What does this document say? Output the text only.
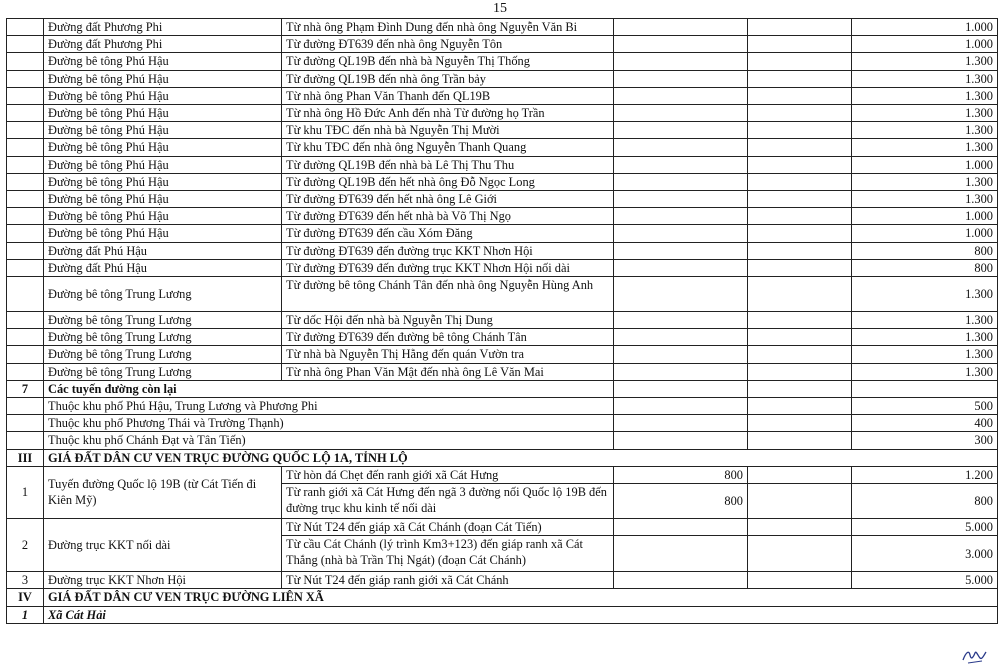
15
	Đường đất Phương Phi	Từ nhà ông Phạm Đình Dung đến nhà ông Nguyễn Văn Bi			1.000
	Đường đất Phương Phi	Từ đường ĐT639 đến nhà ông Nguyễn Tôn			1.000
	Đường bê tông Phú Hậu	Từ đường QL19B đến nhà bà Nguyễn Thị Thống			1.300
	Đường bê tông Phú Hậu	Từ đường QL19B đến nhà ông Trần bảy			1.300
	Đường bê tông Phú Hậu	Từ nhà ông Phan Văn Thanh đến QL19B			1.300
	Đường bê tông Phú Hậu	Từ nhà ông Hồ Đức Anh đến nhà Từ đường họ Trần			1.300
	Đường bê tông Phú Hậu	Từ khu TĐC đến nhà bà Nguyễn Thị Mười			1.300
	Đường bê tông Phú Hậu	Từ khu TĐC đến nhà ông Nguyễn Thanh Quang			1.300
	Đường bê tông Phú Hậu	Từ đường QL19B đến nhà bà Lê Thị Thu Thu			1.000
	Đường bê tông Phú Hậu	Từ đường QL19B đến hết nhà ông Đỗ Ngọc Long			1.300
	Đường bê tông Phú Hậu	Từ đường ĐT639 đến hết nhà ông Lê Giới			1.300
	Đường bê tông Phú Hậu	Từ đường ĐT639 đến hết nhà bà Võ Thị Ngọ			1.000
	Đường bê tông Phú Hậu	Từ đường ĐT639 đến cầu Xóm Đăng			1.000
	Đường đất Phú Hậu	Từ đường ĐT639 đến đường trục KKT Nhơn Hội			800
	Đường đất Phú Hậu	Từ đường ĐT639 đến đường trục KKT Nhơn Hội nối dài			800
	Đường bê tông Trung Lương	Từ đường bê tông Chánh Tân đến nhà ông Nguyễn Hùng Anh			1.300
	Đường bê tông Trung Lương	Từ dốc Hội đến nhà bà Nguyễn Thị Dung			1.300
	Đường bê tông Trung Lương	Từ đường ĐT639 đến đường bê tông Chánh Tân			1.300
	Đường bê tông Trung Lương	Từ nhà bà Nguyễn Thị Hằng đến quán Vườn tra			1.300
	Đường bê tông Trung Lương	Từ nhà ông Phan Văn Mật đến nhà ông Lê Văn Mai			1.300
7	Các tuyến đường còn lại				
	Thuộc khu phố Phú Hậu, Trung Lương và Phương Phi				500
	Thuộc khu phố Phương Thái và Trường Thạnh)				400
	Thuộc khu phố Chánh Đạt và Tân Tiến)				300
III	GIÁ ĐẤT DÂN CƯ VEN TRỤC ĐƯỜNG QUỐC LỘ 1A, TỈNH LỘ				
1	Tuyến đường Quốc lộ 19B (từ Cát Tiến đi Kiên Mỹ)	Từ hòn đá Chẹt đến ranh giới xã Cát Hưng	800		1.200
		Từ ranh giới xã Cát Hưng đến ngã 3 đường nối Quốc lộ 19B đến đường trục khu kinh tế nối dài	800		800
2	Đường trục KKT nối dài	Từ Nút T24 đến giáp xã Cát Chánh (đoạn Cát Tiến)			5.000
		Từ cầu Cát Chánh (lý trình Km3+123) đến giáp ranh xã Cát Thắng (nhà bà Trần Thị Ngát) (đoạn Cát Chánh)			3.000
3	Đường trục KKT Nhơn Hội	Từ Nút T24 đến giáp ranh giới xã Cát Chánh			5.000
IV	GIÁ ĐẤT DÂN CƯ VEN TRỤC ĐƯỜNG LIÊN XÃ				
1	Xã Cát Hải				
